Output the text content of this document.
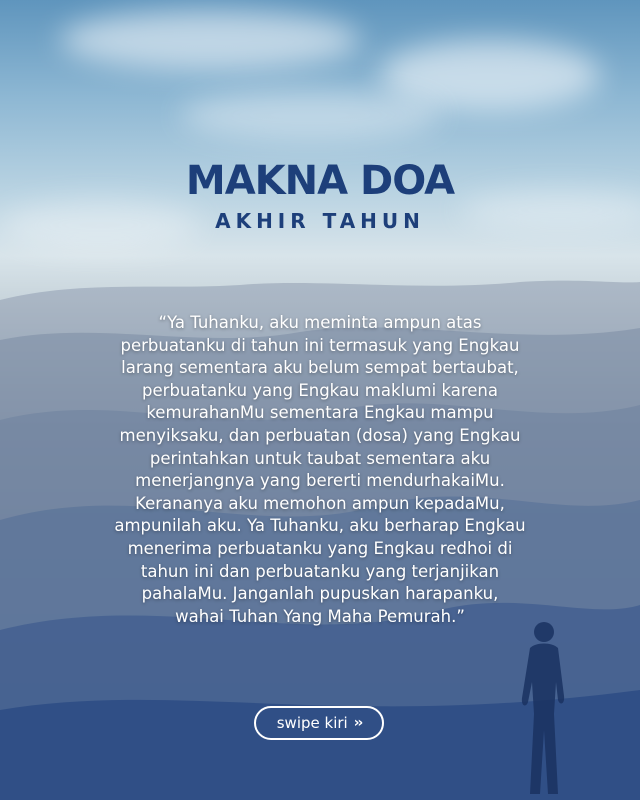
MAKNA DOA
AKHIR TAHUN
“Ya Tuhanku, aku meminta ampun atas
perbuatanku di tahun ini termasuk yang Engkau
larang sementara aku belum sempat bertaubat,
perbuatanku yang Engkau maklumi karena
kemurahanMu sementara Engkau mampu
menyiksaku, dan perbuatan (dosa) yang Engkau
perintahkan untuk taubat sementara aku
menerjangnya yang bererti mendurhakaiMu.
Kerananya aku memohon ampun kepadaMu,
ampunilah aku. Ya Tuhanku, aku berharap Engkau
menerima perbuatanku yang Engkau redhoi di
tahun ini dan perbuatanku yang terjanjikan
pahalaMu. Janganlah pupuskan harapanku,
wahai Tuhan Yang Maha Pemurah.”
swipe kiri ››
